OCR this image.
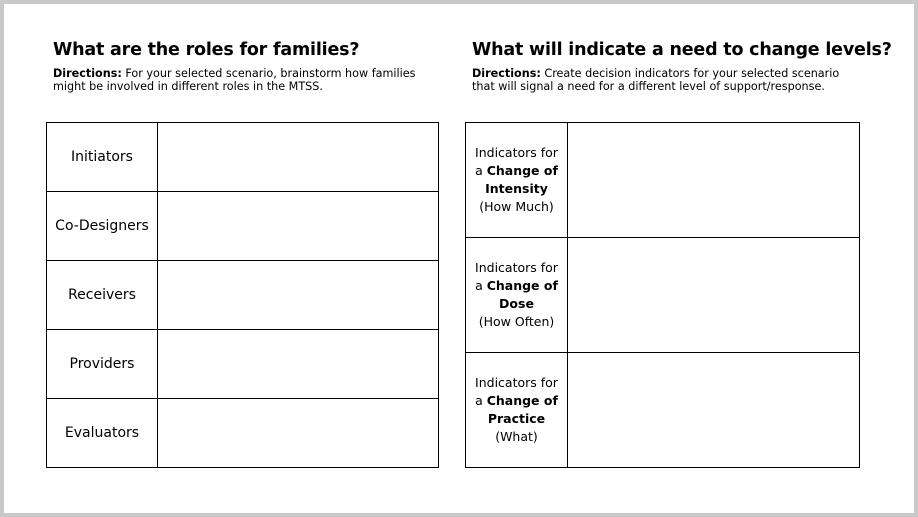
What are the roles for families?
Directions: For your selected scenario, brainstorm how families
might be involved in different roles in the MTSS.
Initiators	
Co-Designers	
Receivers	
Providers	
Evaluators	
What will indicate a need to change levels?
Directions: Create decision indicators for your selected scenario
that will signal a need for a different level of support/response.
Indicators for
a Change of
Intensity
(How Much)	

Indicators for
a Change of
Dose
(How Often)	

Indicators for
a Change of
Practice
(What)	
